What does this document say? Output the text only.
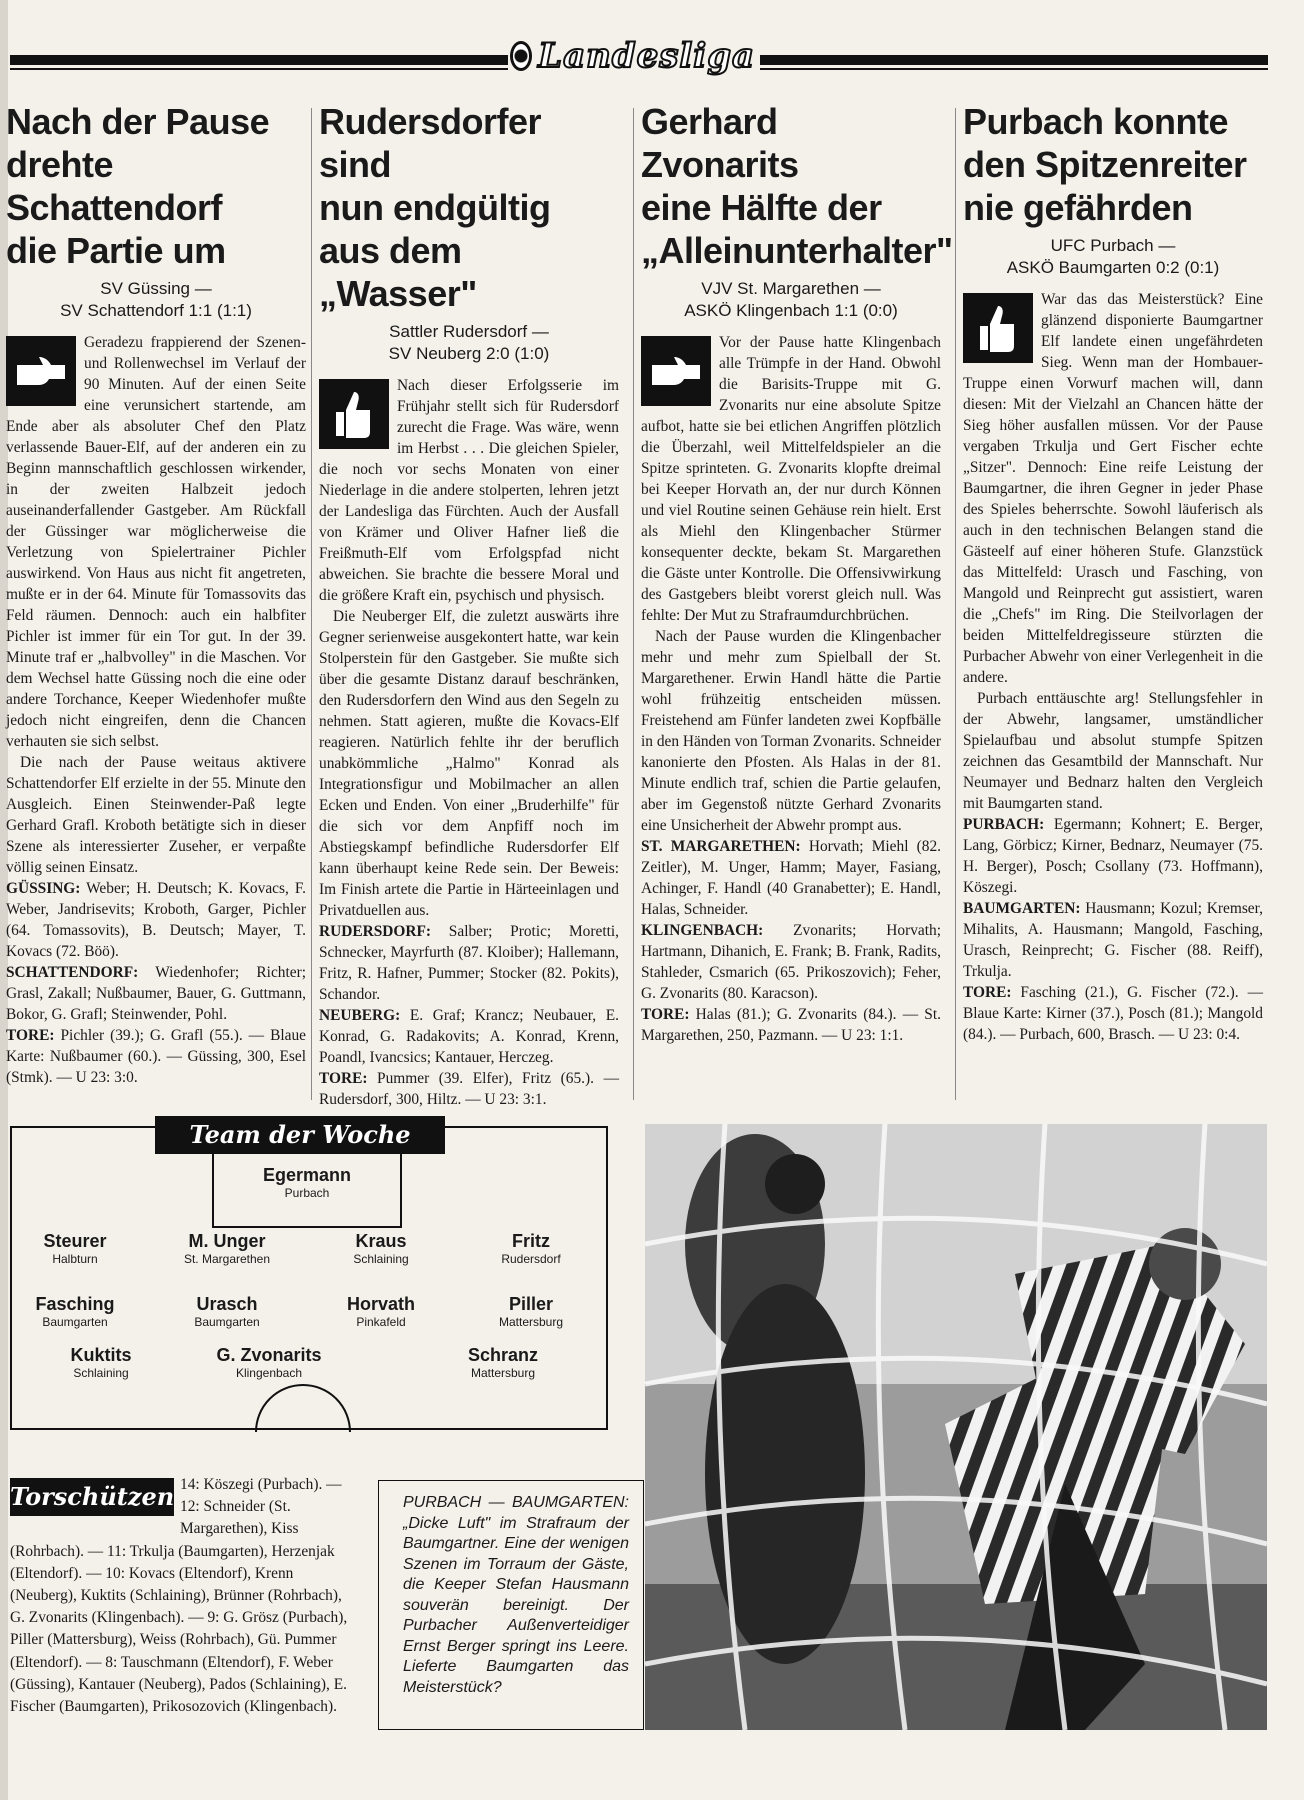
Landesliga
Nach der Pause
drehte Schattendorf
die Partie um
SV Güssing —
SV Schattendorf 1:1 (1:1)

Geradezu frappierend der Szenen- und Rollenwechsel im Verlauf der 90 Minuten. Auf der einen Seite eine verunsichert startende, am Ende aber als absoluter Chef den Platz verlassende Bauer-Elf, auf der anderen ein zu Beginn mannschaftlich geschlossen wirkender, in der zweiten Halbzeit jedoch auseinanderfallender Gastgeber. Am Rückfall der Güssinger war möglicherweise die Verletzung von Spielertrainer Pichler auswirkend. Von Haus aus nicht fit angetreten, mußte er in der 64. Minute für Tomassovits das Feld räumen. Dennoch: auch ein halbfiter Pichler ist immer für ein Tor gut. In der 39. Minute traf er „halbvolley" in die Maschen. Vor dem Wechsel hatte Güssing noch die eine oder andere Torchance, Keeper Wiedenhofer mußte jedoch nicht eingreifen, denn die Chancen verhauten sie sich selbst.

Die nach der Pause weitaus aktivere Schattendorfer Elf erzielte in der 55. Minute den Ausgleich. Einen Steinwender-Paß legte Gerhard Grafl. Kroboth betätigte sich in dieser Szene als interessierter Zuseher, er verpaßte völlig seinen Einsatz.

GÜSSING: Weber; H. Deutsch; K. Kovacs, F. Weber, Jandrisevits; Kroboth, Garger, Pichler (64. Tomassovits), B. Deutsch; Mayer, T. Kovacs (72. Böö).

SCHATTENDORF: Wiedenhofer; Richter; Grasl, Zakall; Nußbaumer, Bauer, G. Guttmann, Bokor, G. Grafl; Steinwender, Pohl.

TORE: Pichler (39.); G. Grafl (55.). — Blaue Karte: Nußbaumer (60.). — Güssing, 300, Esel (Stmk). — U 23: 3:0.

Rudersdorfer sind
nun endgültig
aus dem „Wasser"
Sattler Rudersdorf —
SV Neuberg 2:0 (1:0)

Nach dieser Erfolgsserie im Frühjahr stellt sich für Rudersdorf zurecht die Frage. Was wäre, wenn im Herbst . . . Die gleichen Spieler, die noch vor sechs Monaten von einer Niederlage in die andere stolperten, lehren jetzt der Landesliga das Fürchten. Auch der Ausfall von Krämer und Oliver Hafner ließ die Freißmuth-Elf vom Erfolgspfad nicht abweichen. Sie brachte die bessere Moral und die größere Kraft ein, psychisch und physisch.

Die Neuberger Elf, die zuletzt auswärts ihre Gegner serienweise ausgekontert hatte, war kein Stolperstein für den Gastgeber. Sie mußte sich über die gesamte Distanz darauf beschränken, den Rudersdorfern den Wind aus den Segeln zu nehmen. Statt agieren, mußte die Kovacs-Elf reagieren. Natürlich fehlte ihr der beruflich unabkömmliche „Halmo" Konrad als Integrationsfigur und Mobilmacher an allen Ecken und Enden. Von einer „Bruderhilfe" für die sich vor dem Anpfiff noch im Abstiegskampf befindliche Rudersdorfer Elf kann überhaupt keine Rede sein. Der Beweis: Im Finish artete die Partie in Härteeinlagen und Privatduellen aus.

RUDERSDORF: Salber; Protic; Moretti, Schnecker, Mayrfurth (87. Kloiber); Hallemann, Fritz, R. Hafner, Pummer; Stocker (82. Pokits), Schandor.

NEUBERG: E. Graf; Krancz; Neubauer, E. Konrad, G. Radakovits; A. Konrad, Krenn, Poandl, Ivancsics; Kantauer, Herczeg.

TORE: Pummer (39. Elfer), Fritz (65.). — Rudersdorf, 300, Hiltz. — U 23: 3:1.

Gerhard Zvonarits
eine Hälfte der
„Alleinunterhalter"
VJV St. Margarethen —
ASKÖ Klingenbach 1:1 (0:0)

Vor der Pause hatte Klingenbach alle Trümpfe in der Hand. Obwohl die Barisits-Truppe mit G. Zvonarits nur eine absolute Spitze aufbot, hatte sie bei etlichen Angriffen plötzlich die Überzahl, weil Mittelfeldspieler an die Spitze sprinteten. G. Zvonarits klopfte dreimal bei Keeper Horvath an, der nur durch Können und viel Routine seinen Gehäuse rein hielt. Erst als Miehl den Klingenbacher Stürmer konsequenter deckte, bekam St. Margarethen die Gäste unter Kontrolle. Die Offensivwirkung des Gastgebers bleibt vorerst gleich null. Was fehlte: Der Mut zu Strafraumdurchbrüchen.

Nach der Pause wurden die Klingenbacher mehr und mehr zum Spielball der St. Margarethener. Erwin Handl hätte die Partie wohl frühzeitig entscheiden müssen. Freistehend am Fünfer landeten zwei Kopfbälle in den Händen von Torman Zvonarits. Schneider kanonierte den Pfosten. Als Halas in der 81. Minute endlich traf, schien die Partie gelaufen, aber im Gegenstoß nützte Gerhard Zvonarits eine Unsicherheit der Abwehr prompt aus.

ST. MARGARETHEN: Horvath; Miehl (82. Zeitler), M. Unger, Hamm; Mayer, Fasiang, Achinger, F. Handl (40 Granabetter); E. Handl, Halas, Schneider.

KLINGENBACH: Zvonarits; Horvath; Hartmann, Dihanich, E. Frank; B. Frank, Radits, Stahleder, Csmarich (65. Prikoszovich); Feher, G. Zvonarits (80. Karacson).

TORE: Halas (81.); G. Zvonarits (84.). — St. Margarethen, 250, Pazmann. — U 23: 1:1.

Purbach konnte
den Spitzenreiter
nie gefährden
UFC Purbach —
ASKÖ Baumgarten 0:2 (0:1)

War das das Meisterstück? Eine glänzend disponierte Baumgartner Elf landete einen ungefährdeten Sieg. Wenn man der Hombauer-Truppe einen Vorwurf machen will, dann diesen: Mit der Vielzahl an Chancen hätte der Sieg höher ausfallen müssen. Vor der Pause vergaben Trkulja und Gert Fischer echte „Sitzer". Dennoch: Eine reife Leistung der Baumgartner, die ihren Gegner in jeder Phase des Spieles beherrschte. Sowohl läuferisch als auch in den technischen Belangen stand die Gästeelf auf einer höheren Stufe. Glanzstück das Mittelfeld: Urasch und Fasching, von Mangold und Reinprecht gut assistiert, waren die „Chefs" im Ring. Die Steilvorlagen der beiden Mittelfeldregisseure stürzten die Purbacher Abwehr von einer Verlegenheit in die andere.

Purbach enttäuschte arg! Stellungsfehler in der Abwehr, langsamer, umständlicher Spielaufbau und absolut stumpfe Spitzen zeichnen das Gesamtbild der Mannschaft. Nur Neumayer und Bednarz halten den Vergleich mit Baumgarten stand.

PURBACH: Egermann; Kohnert; E. Berger, Lang, Görbicz; Kirner, Bednarz, Neumayer (75. H. Berger), Posch; Csollany (73. Hoffmann), Köszegi.

BAUMGARTEN: Hausmann; Kozul; Kremser, Mihalits, A. Hausmann; Mangold, Fasching, Urasch, Reinprecht; G. Fischer (88. Reiff), Trkulja.

TORE: Fasching (21.), G. Fischer (72.). — Blaue Karte: Kirner (37.), Posch (81.); Mangold (84.). — Purbach, 600, Brasch. — U 23: 0:4.

Team der Woche
Egermann
Purbach
Steurer
Halbturn
M. Unger
St. Margarethen
Kraus
Schlaining
Fritz
Rudersdorf
Fasching
Baumgarten
Urasch
Baumgarten
Horvath
Pinkafeld
Piller
Mattersburg
Kuktits
Schlaining
G. Zvonarits
Klingenbach
Schranz
Mattersburg
14: Köszegi (Purbach). — 12: Schneider (St. Margarethen), Kiss (Rohrbach). — 11: Trkulja (Baumgarten), Herzenjak (Eltendorf). — 10: Kovacs (Eltendorf), Krenn (Neuberg), Kuktits (Schlaining), Brünner (Rohrbach), G. Zvonarits (Klingenbach). — 9: G. Grösz (Purbach), Piller (Mattersburg), Weiss (Rohrbach), Gü. Pummer (Eltendorf). — 8: Tauschmann (Eltendorf), F. Weber (Güssing), Kantauer (Neuberg), Pados (Schlaining), E. Fischer (Baumgarten), Prikosozovich (Klingenbach).
Torschützen	PURBACH — BAUMGARTEN: „Dicke Luft" im Strafraum der Baumgartner. Eine der wenigen Szenen im Torraum der Gäste, die Keeper Stefan Hausmann souverän bereinigt. Der Purbacher Außenverteidiger Ernst Berger springt ins Leere. Lieferte Baumgarten das Meisterstück?
